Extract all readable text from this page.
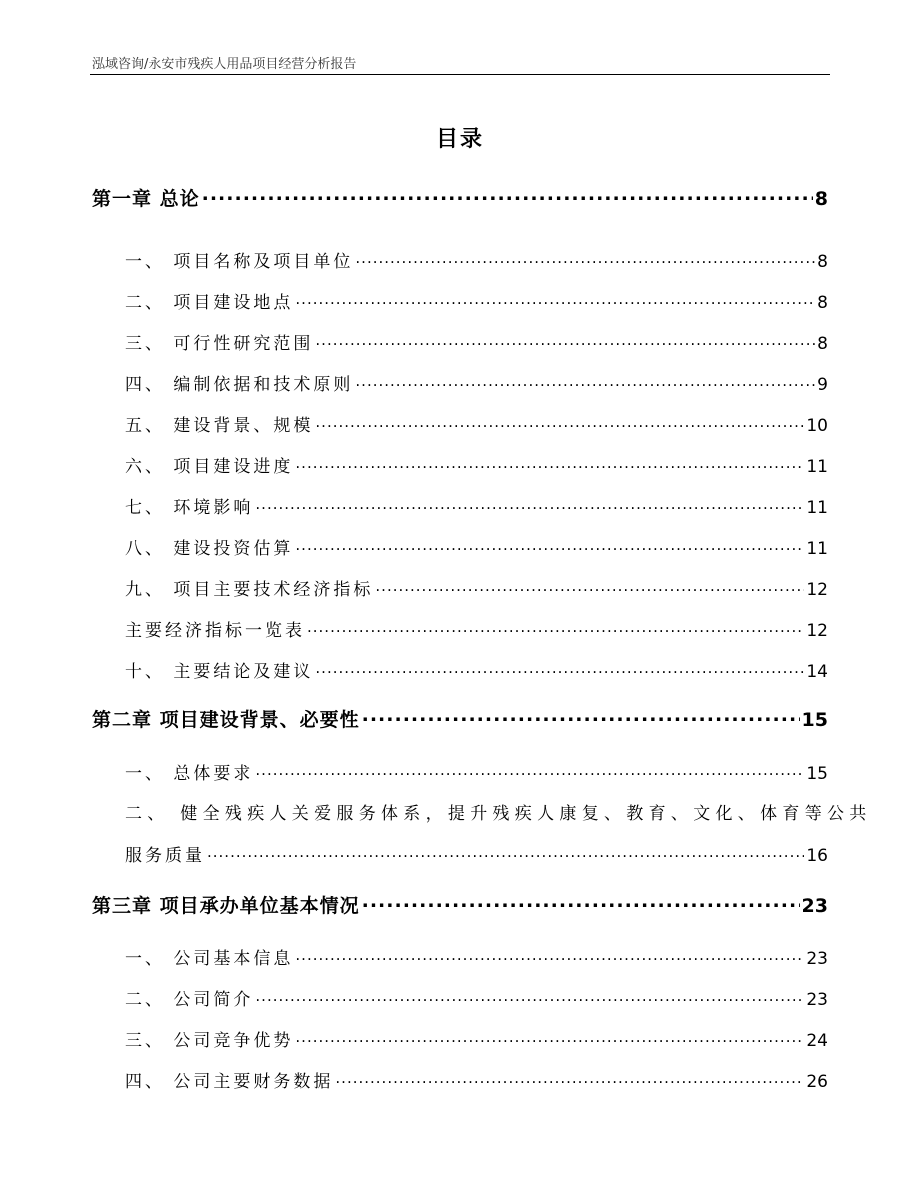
泓域咨询/永安市残疾人用品项目经营分析报告
目录
第一章 总论 .....	8
一、 项目名称及项目单位 .....	8
二、 项目建设地点 .....	8
三、 可行性研究范围 .....	8
四、 编制依据和技术原则 .....	9
五、 建设背景、规模 .....	10
六、 项目建设进度 .....	11
七、 环境影响 .....	11
八、 建设投资估算 .....	11
九、 项目主要技术经济指标 .....	12
主要经济指标一览表 .....	12
十、 主要结论及建议 .....	14
第二章 项目建设背景、必要性 .....	15
一、 总体要求 .....	15
二、 健全残疾人关爱服务体系，提升残疾人康复、教育、文化、体育等公共
服务质量 .....	16
第三章 项目承办单位基本情况 .....	23
一、 公司基本信息 .....	23
二、 公司简介 .....	23
三、 公司竞争优势 .....	24
四、 公司主要财务数据 .....	26
